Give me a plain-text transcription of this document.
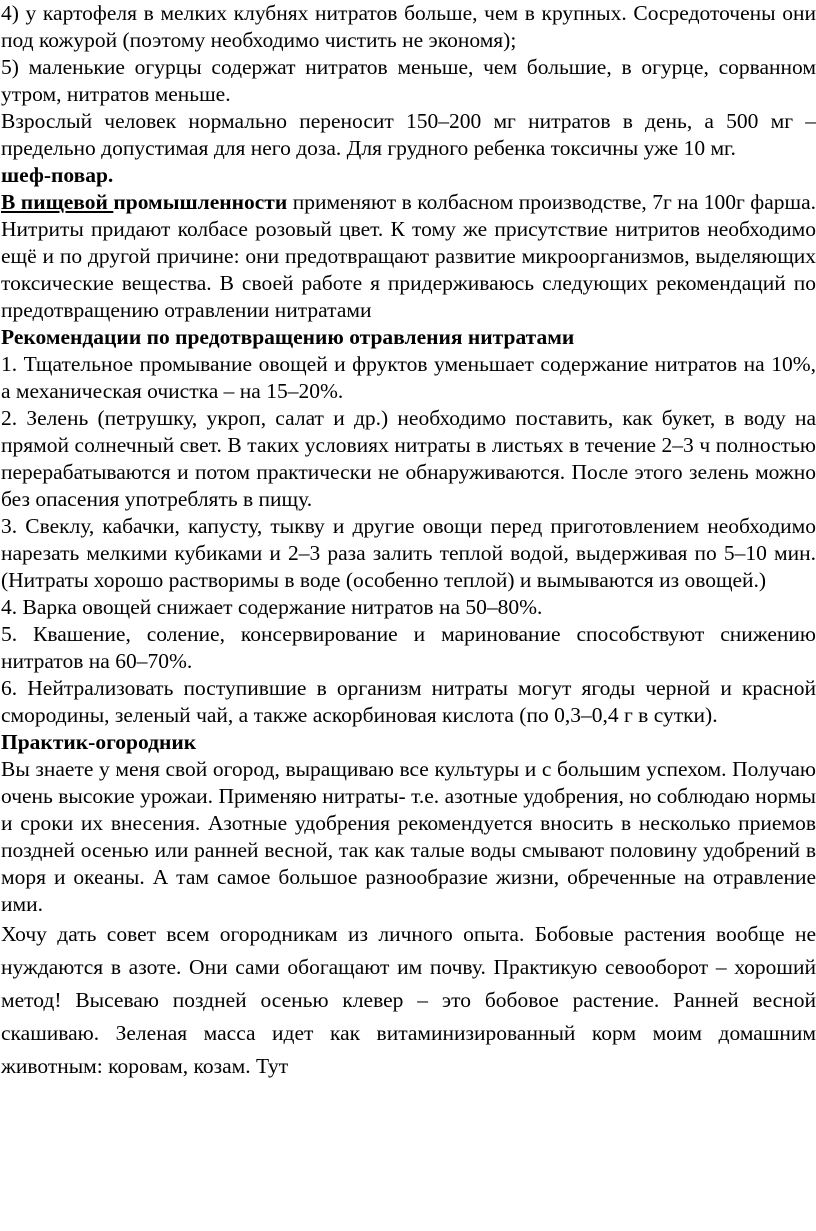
4) у картофеля в мелких клубнях нитратов больше, чем в крупных. Сосредоточены они под кожурой (поэтому необходимо чистить не экономя);

5) маленькие огурцы содержат нитратов меньше, чем большие, в огурце, сорванном утром, нитратов меньше.

Взрослый человек нормально переносит 150–200 мг нитратов в день, а 500 мг – предельно допустимая для него доза. Для грудного ребенка токсичны уже 10 мг.

шеф-повар.

В пищевой промышленности применяют в колбасном производстве, 7г на 100г фарша. Нитриты придают колбасе розовый цвет. К тому же присутствие нитритов необходимо ещё и по другой причине: они предотвращают развитие микроорганизмов, выделяющих токсические вещества. В своей работе я придерживаюсь следующих рекомендаций по предотвращению отравлении нитратами

Рекомендации по предотвращению отравления нитратами

1. Тщательное промывание овощей и фруктов уменьшает содержание нитратов на 10%, а механическая очистка – на 15–20%.

2. Зелень (петрушку, укроп, салат и др.) необходимо поставить, как букет, в воду на прямой солнечный свет. В таких условиях нитраты в листьях в течение 2–3 ч полностью перерабатываются и потом практически не обнаруживаются. После этого зелень можно без опасения употреблять в пищу.

3. Свеклу, кабачки, капусту, тыкву и другие овощи перед приготовлением необходимо нарезать мелкими кубиками и 2–3 раза залить теплой водой, выдерживая по 5–10 мин. (Нитраты хорошо растворимы в воде (особенно теплой) и вымываются из овощей.)

4. Варка овощей снижает содержание нитратов на 50–80%.

5. Квашение, соление, консервирование и маринование способствуют снижению нитратов на 60–70%.

6. Нейтрализовать поступившие в организм нитраты могут ягоды черной и красной смородины, зеленый чай, а также аскорбиновая кислота (по 0,3–0,4 г в сутки).

Практик-огородник

Вы знаете у меня свой огород, выращиваю все культуры и с большим успехом. Получаю очень высокие урожаи. Применяю нитраты- т.е. азотные удобрения, но соблюдаю нормы и сроки их внесения. Азотные удобрения рекомендуется вносить в несколько приемов поздней осенью или ранней весной, так как талые воды смывают половину удобрений в моря и океаны. А там самое большое разнообразие жизни, обреченные на отравление ими.

Хочу дать совет всем огородникам из личного опыта. Бобовые растения вообще не нуждаются в азоте. Они сами обогащают им почву. Практикую севооборот – хороший метод! Высеваю поздней осенью клевер – это бобовое растение. Ранней весной скашиваю. Зеленая масса идет как витаминизированный корм моим домашним животным: коровам, козам. Тут
